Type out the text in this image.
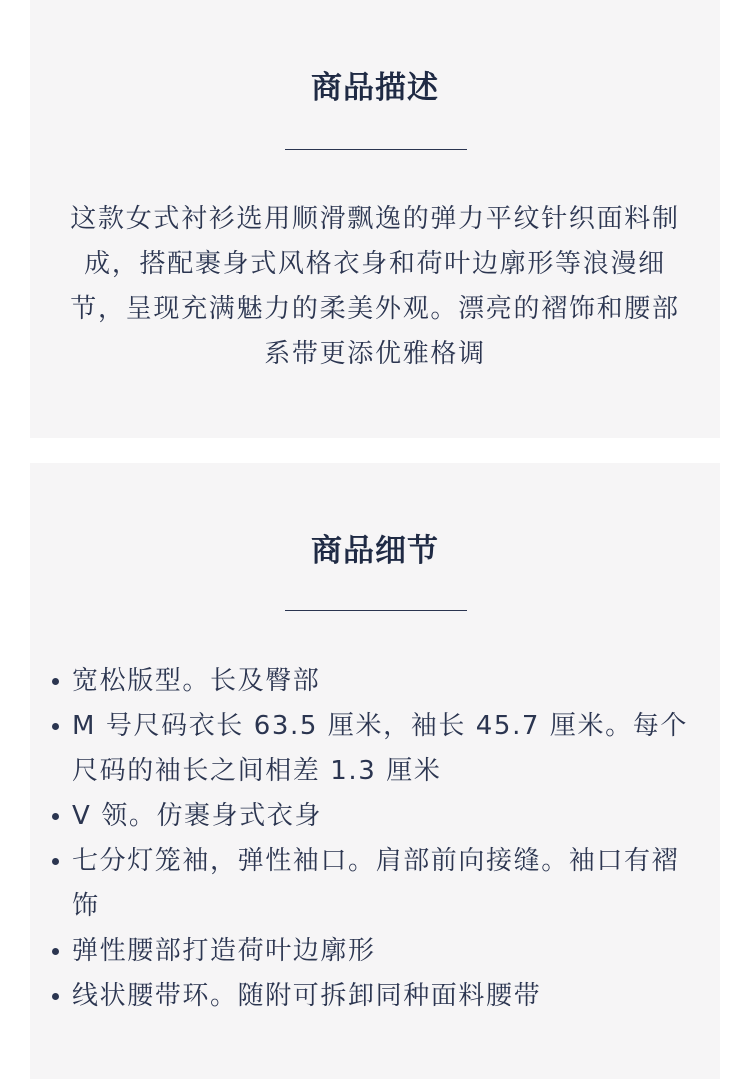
商品描述

这款女式衬衫选用顺滑飘逸的弹力平纹针织面料制成，搭配裹身式风格衣身和荷叶边廓形等浪漫细节，呈现充满魅力的柔美外观。漂亮的褶饰和腰部系带更添优雅格调

商品细节
宽松版型。长及臀部
M 号尺码衣长 63.5 厘米，袖长 45.7 厘米。每个尺码的袖长之间相差 1.3 厘米
V 领。仿裹身式衣身
七分灯笼袖，弹性袖口。肩部前向接缝。袖口有褶饰
弹性腰部打造荷叶边廓形
线状腰带环。随附可拆卸同种面料腰带
